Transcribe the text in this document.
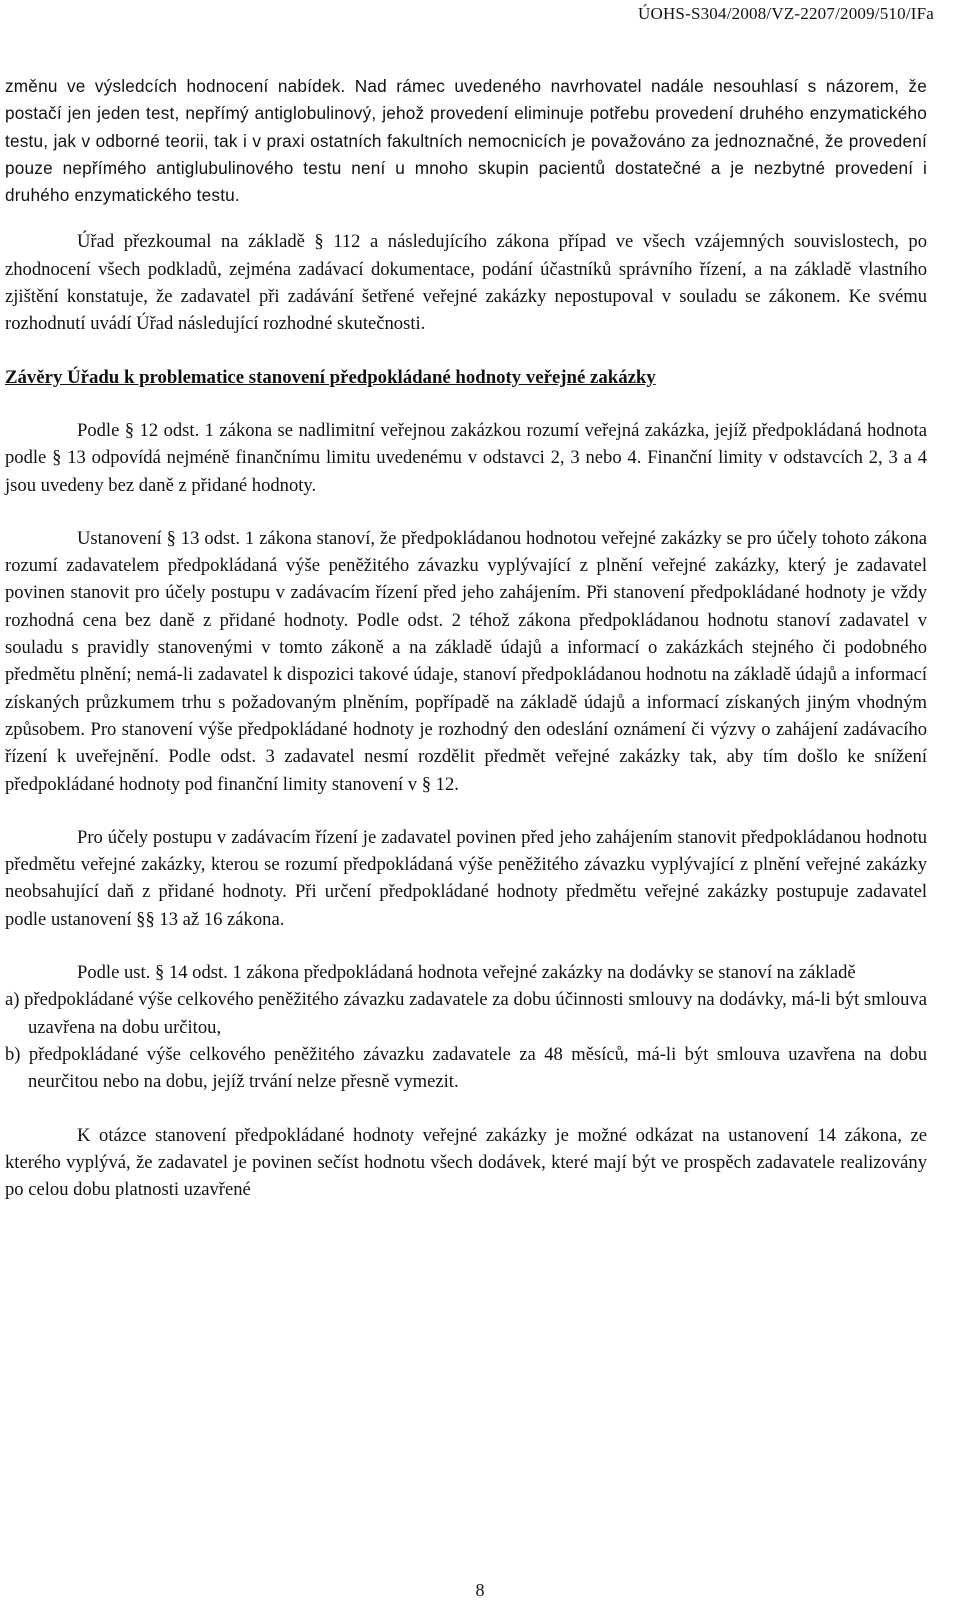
ÚOHS-S304/2008/VZ-2207/2009/510/IFa

změnu ve výsledcích hodnocení nabídek. Nad rámec uvedeného navrhovatel nadále nesouhlasí s názorem, že postačí jen jeden test, nepřímý antiglobulinový, jehož provedení eliminuje potřebu provedení druhého enzymatického testu, jak v odborné teorii, tak i v praxi ostatních fakultních nemocnicích je považováno za jednoznačné, že provedení pouze nepřímého antiglubulinového testu není u mnoho skupin pacientů dostatečné a je nezbytné provedení i druhého enzymatického testu.

Úřad přezkoumal na základě § 112 a následujícího zákona případ ve všech vzájemných souvislostech, po zhodnocení všech podkladů, zejména zadávací dokumentace, podání účastníků správního řízení, a na základě vlastního zjištění konstatuje, že zadavatel při zadávání šetřené veřejné zakázky nepostupoval v souladu se zákonem. Ke svému rozhodnutí uvádí Úřad následující rozhodné skutečnosti.

Závěry Úřadu k problematice stanovení předpokládané hodnoty veřejné zakázky

Podle § 12 odst. 1 zákona se nadlimitní veřejnou zakázkou rozumí veřejná zakázka, jejíž předpokládaná hodnota podle § 13 odpovídá nejméně finančnímu limitu uvedenému v odstavci 2, 3 nebo 4. Finanční limity v odstavcích 2, 3 a 4 jsou uvedeny bez daně z přidané hodnoty.

Ustanovení § 13 odst. 1 zákona stanoví, že předpokládanou hodnotou veřejné zakázky se pro účely tohoto zákona rozumí zadavatelem předpokládaná výše peněžitého závazku vyplývající z plnění veřejné zakázky, který je zadavatel povinen stanovit pro účely postupu v zadávacím řízení před jeho zahájením. Při stanovení předpokládané hodnoty je vždy rozhodná cena bez daně z přidané hodnoty. Podle odst. 2 téhož zákona předpokládanou hodnotu stanoví zadavatel v souladu s pravidly stanovenými v tomto zákoně a na základě údajů a informací o zakázkách stejného či podobného předmětu plnění; nemá-li zadavatel k dispozici takové údaje, stanoví předpokládanou hodnotu na základě údajů a informací získaných průzkumem trhu s požadovaným plněním, popřípadě na základě údajů a informací získaných jiným vhodným způsobem. Pro stanovení výše předpokládané hodnoty je rozhodný den odeslání oznámení či výzvy o zahájení zadávacího řízení k uveřejnění. Podle odst. 3 zadavatel nesmí rozdělit předmět veřejné zakázky tak, aby tím došlo ke snížení předpokládané hodnoty pod finanční limity stanovení v § 12.

Pro účely postupu v zadávacím řízení je zadavatel povinen před jeho zahájením stanovit předpokládanou hodnotu předmětu veřejné zakázky, kterou se rozumí předpokládaná výše peněžitého závazku vyplývající z plnění veřejné zakázky neobsahující daň z přidané hodnoty. Při určení předpokládané hodnoty předmětu veřejné zakázky postupuje zadavatel podle ustanovení §§ 13 až 16 zákona.

Podle ust. § 14 odst. 1 zákona předpokládaná hodnota veřejné zakázky na dodávky se stanoví na základě

a) předpokládané výše celkového peněžitého závazku zadavatele za dobu účinnosti smlouvy na dodávky, má-li být smlouva uzavřena na dobu určitou,

b) předpokládané výše celkového peněžitého závazku zadavatele za 48 měsíců, má-li být smlouva uzavřena na dobu neurčitou nebo na dobu, jejíž trvání nelze přesně vymezit.

K otázce stanovení předpokládané hodnoty veřejné zakázky je možné odkázat na ustanovení 14 zákona, ze kterého vyplývá, že zadavatel je povinen sečíst hodnotu všech dodávek, které mají být ve prospěch zadavatele realizovány po celou dobu platnosti uzavřené

8
